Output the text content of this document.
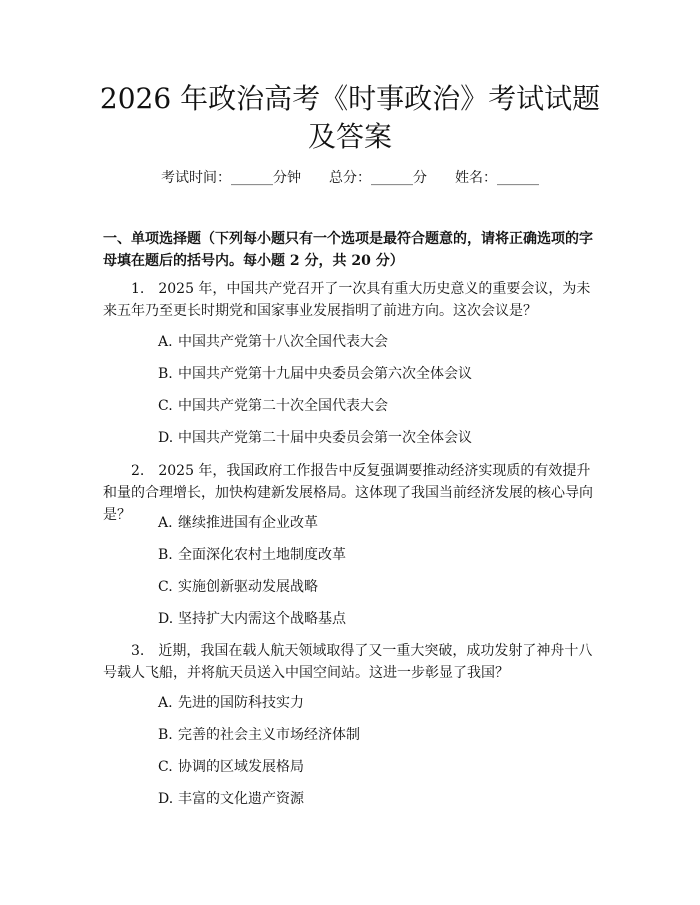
2026 年政治高考《时事政治》考试试题及答案
考试时间：______分钟 总分：______分 姓名：______

一、单项选择题（下列每小题只有一个选项是最符合题意的，请将正确选项的字母填在题后的括号内。每小题 2 分，共 20 分）

1.　2025 年，中国共产党召开了一次具有重大历史意义的重要会议，为未来五年乃至更长时期党和国家事业发展指明了前进方向。这次会议是？

A. 中国共产党第十八次全国代表大会

B. 中国共产党第十九届中央委员会第六次全体会议

C. 中国共产党第二十次全国代表大会

D. 中国共产党第二十届中央委员会第一次全体会议

2.　2025 年，我国政府工作报告中反复强调要推动经济实现质的有效提升和量的合理增长，加快构建新发展格局。这体现了我国当前经济发展的核心导向是？	A. 继续推进国有企业改革

B. 全面深化农村土地制度改革

C. 实施创新驱动发展战略

D. 坚持扩大内需这个战略基点

3.　近期，我国在载人航天领域取得了又一重大突破，成功发射了神舟十八号载人飞船，并将航天员送入中国空间站。这进一步彰显了我国？

A. 先进的国防科技实力

B. 完善的社会主义市场经济体制

C. 协调的区域发展格局

D. 丰富的文化遗产资源
